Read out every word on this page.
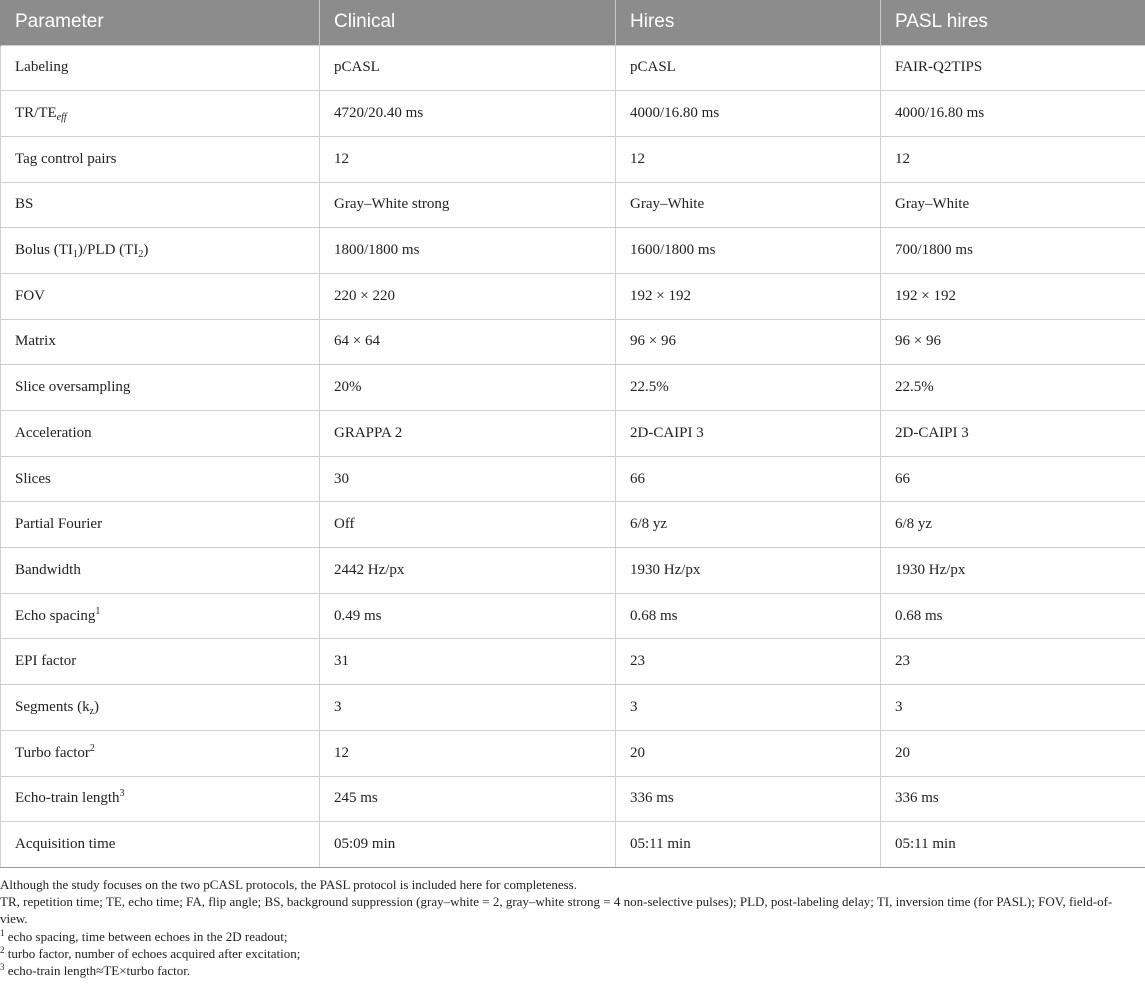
Parameter	Clinical	Hires	PASL hires
Labeling	pCASL	pCASL	FAIR-Q2TIPS
$TR/TE_{eff}$	4720/20.40 ms	4000/16.80 ms	4000/16.80 ms
Tag control pairs	12	12	12
BS	Gray–White strong	Gray–White	Gray–White
Bolus $(TI_1)$/PLD $(TI_2)$	1800/1800 ms	1600/1800 ms	700/1800 ms
FOV	220 × 220	192 × 192	192 × 192
Matrix	64 × 64	96 × 96	96 × 96
Slice oversampling	20%	22.5%	22.5%
Acceleration	GRAPPA 2	2D-CAIPI 3	2D-CAIPI 3
Slices	30	66	66
Partial Fourier	Off	6/8 yz	6/8 yz
Bandwidth	2442 Hz/px	1930 Hz/px	1930 Hz/px
Echo spacing$^1$	0.49 ms	0.68 ms	0.68 ms
EPI factor	31	23	23
Segments $(k_z)$	3	3	3
Turbo factor$^2$	12	20	20
Echo-train length$^3$	245 ms	336 ms	336 ms
Acquisition time	05:09 min	05:11 min	05:11 min

Although the study focuses on the two pCASL protocols, the PASL protocol is included here for completeness.

TR, repetition time; TE, echo time; FA, flip angle; BS, background suppression (gray–white = 2, gray–white strong = 4 non-selective pulses); PLD, post-labeling delay; TI, inversion time (for PASL); FOV, field-of-view.

$^1$ echo spacing, time between echoes in the 2D readout;

$^2$ turbo factor, number of echoes acquired after excitation;

$^3$ echo-train length≈TE×turbo factor.
